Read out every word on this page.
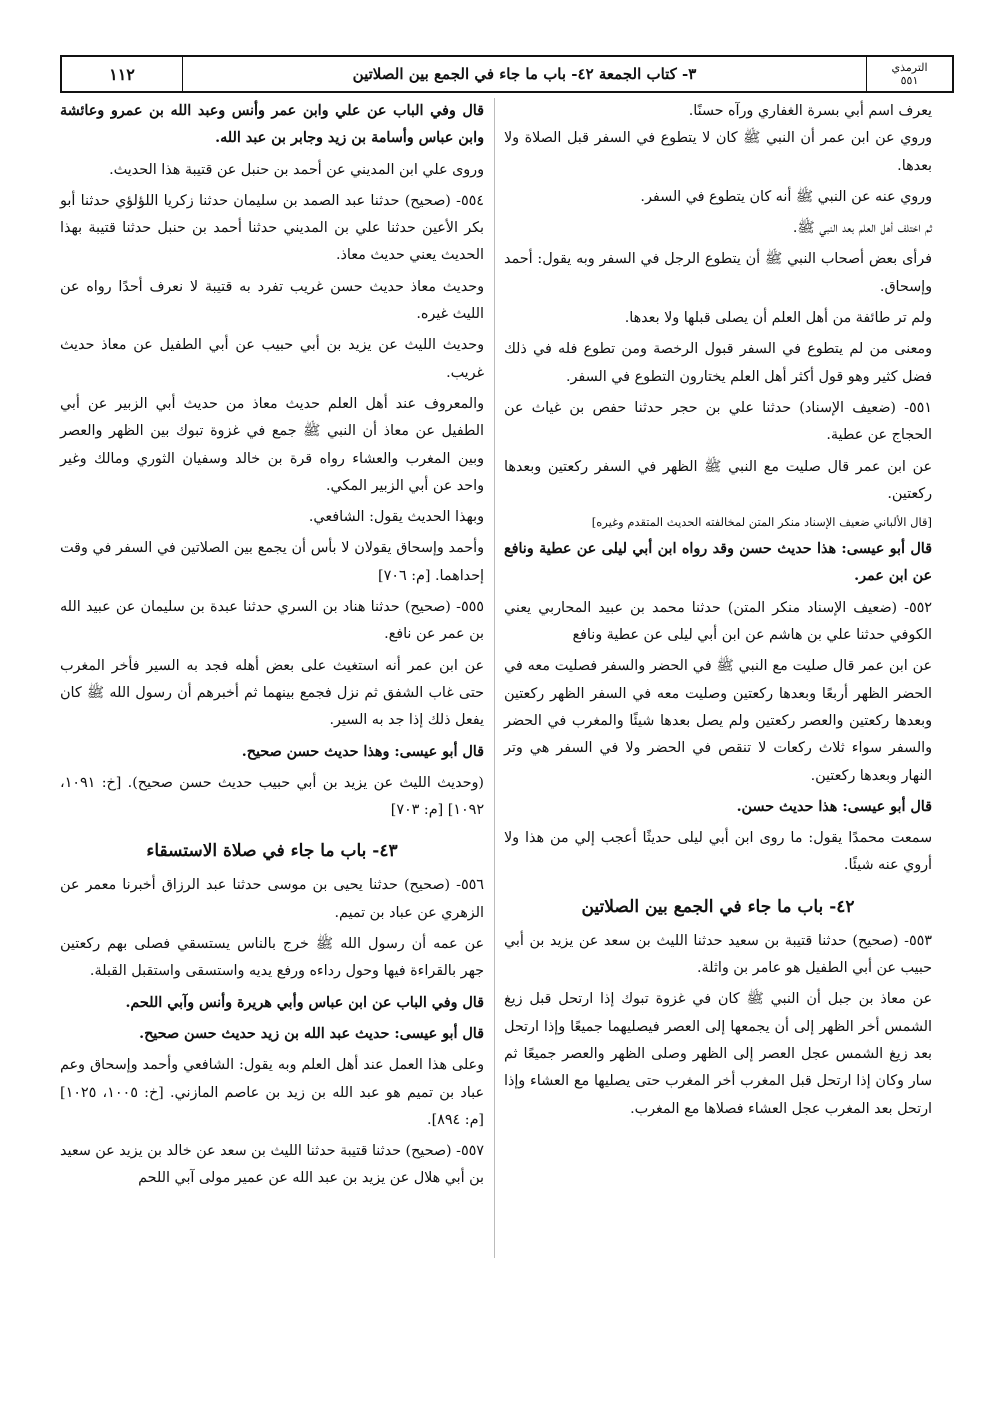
الترمذي
٥٥١
٣- كتاب الجمعة ٤٢- باب ما جاء في الجمع بين الصلاتين
١١٢

يعرف اسم أبي بسرة الغفاري ورآه حسنًا.

وروي عن ابن عمر أن النبي ﷺ كان لا يتطوع في السفر قبل الصلاة ولا بعدها.

وروي عنه عن النبي ﷺ أنه كان يتطوع في السفر.

ثم اختلف أهل العلم بعد النبي ﷺ.

فرأى بعض أصحاب النبي ﷺ أن يتطوع الرجل في السفر وبه يقول: أحمد وإسحاق.

ولم تر طائفة من أهل العلم أن يصلى قبلها ولا بعدها.

ومعنى من لم يتطوع في السفر قبول الرخصة ومن تطوع فله في ذلك فضل كثير وهو قول أكثر أهل العلم يختارون التطوع في السفر.

٥٥١- (ضعيف الإسناد) حدثنا علي بن حجر حدثنا حفص بن غياث عن الحجاج عن عطية.

عن ابن عمر قال صليت مع النبي ﷺ الظهر في السفر ركعتين وبعدها ركعتين.

[قال الألباني ضعيف الإسناد منكر المتن لمخالفته الحديث المتقدم وغيره]

قال أبو عيسى: هذا حديث حسن وقد رواه ابن أبي ليلى عن عطية ونافع عن ابن عمر.

٥٥٢- (ضعيف الإسناد منكر المتن) حدثنا محمد بن عبيد المحاربي يعني الكوفي حدثنا علي بن هاشم عن ابن أبي ليلى عن عطية ونافع

عن ابن عمر قال صليت مع النبي ﷺ في الحضر والسفر فصليت معه في الحضر الظهر أربعًا وبعدها ركعتين وصليت معه في السفر الظهر ركعتين وبعدها ركعتين والعصر ركعتين ولم يصل بعدها شيئًا والمغرب في الحضر والسفر سواء ثلاث ركعات لا تنقص في الحضر ولا في السفر هي وتر النهار وبعدها ركعتين.

قال أبو عيسى: هذا حديث حسن.

سمعت محمدًا يقول: ما روى ابن أبي ليلى حديثًا أعجب إلي من هذا ولا أروي عنه شيئًا.

٤٢- باب ما جاء في الجمع بين الصلاتين

٥٥٣- (صحيح) حدثنا قتيبة بن سعيد حدثنا الليث بن سعد عن يزيد بن أبي حبيب عن أبي الطفيل هو عامر بن واثلة.

عن معاذ بن جبل أن النبي ﷺ كان في غزوة تبوك إذا ارتحل قبل زيغ الشمس أخر الظهر إلى أن يجمعها إلى العصر فيصليهما جميعًا وإذا ارتحل بعد زيغ الشمس عجل العصر إلى الظهر وصلى الظهر والعصر جميعًا ثم سار وكان إذا ارتحل قبل المغرب أخر المغرب حتى يصليها مع العشاء وإذا ارتحل بعد المغرب عجل العشاء فصلاها مع المغرب.

قال وفي الباب عن علي وابن عمر وأنس وعبد الله بن عمرو وعائشة وابن عباس وأسامة بن زيد وجابر بن عبد الله.

وروى علي ابن المديني عن أحمد بن حنبل عن قتيبة هذا الحديث.

٥٥٤- (صحيح) حدثنا عبد الصمد بن سليمان حدثنا زكريا اللؤلؤي حدثنا أبو بكر الأعين حدثنا علي بن المديني حدثنا أحمد بن حنبل حدثنا قتيبة بهذا الحديث يعني حديث معاذ.

وحديث معاذ حديث حسن غريب تفرد به قتيبة لا نعرف أحدًا رواه عن الليث غيره.

وحديث الليث عن يزيد بن أبي حبيب عن أبي الطفيل عن معاذ حديث غريب.

والمعروف عند أهل العلم حديث معاذ من حديث أبي الزبير عن أبي الطفيل عن معاذ أن النبي ﷺ جمع في غزوة تبوك بين الظهر والعصر وبين المغرب والعشاء رواه قرة بن خالد وسفيان الثوري ومالك وغير واحد عن أبي الزبير المكي.

وبهذا الحديث يقول: الشافعي.

وأحمد وإسحاق يقولان لا بأس أن يجمع بين الصلاتين في السفر في وقت إحداهما. [م: ٧٠٦]

٥٥٥- (صحيح) حدثنا هناد بن السري حدثنا عبدة بن سليمان عن عبيد الله بن عمر عن نافع.

عن ابن عمر أنه استغيث على بعض أهله فجد به السير فأخر المغرب حتى غاب الشفق ثم نزل فجمع بينهما ثم أخبرهم أن رسول الله ﷺ كان يفعل ذلك إذا جد به السير.

قال أبو عيسى: وهذا حديث حسن صحيح.

(وحديث الليث عن يزيد بن أبي حبيب حديث حسن صحيح). [خ: ١٠٩١، ١٠٩٢] [م: ٧٠٣]

٤٣- باب ما جاء في صلاة الاستسقاء

٥٥٦- (صحيح) حدثنا يحيى بن موسى حدثنا عبد الرزاق أخبرنا معمر عن الزهري عن عباد بن تميم.

عن عمه أن رسول الله ﷺ خرج بالناس يستسقي فصلى بهم ركعتين جهر بالقراءة فيها وحول رداءه ورفع يديه واستسقى واستقبل القبلة.

قال وفي الباب عن ابن عباس وأبي هريرة وأنس وآبي اللحم.

قال أبو عيسى: حديث عبد الله بن زيد حديث حسن صحيح.

وعلى هذا العمل عند أهل العلم وبه يقول: الشافعي وأحمد وإسحاق وعم عباد بن تميم هو عبد الله بن زيد بن عاصم المازني. [خ: ١٠٠٥، ١٠٢٥] [م: ٨٩٤].

٥٥٧- (صحيح) حدثنا قتيبة حدثنا الليث بن سعد عن خالد بن يزيد عن سعيد بن أبي هلال عن يزيد بن عبد الله عن عمير مولى آبي اللحم
